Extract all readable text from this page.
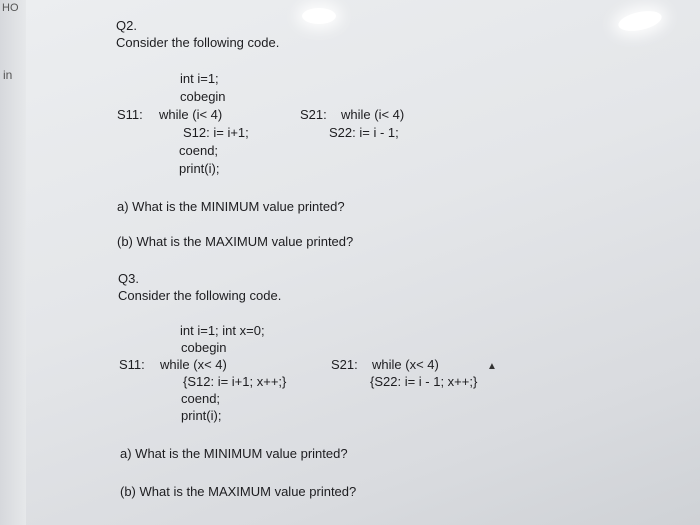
HO
in
Q2.
Consider the following code.
int i=1;
cobegin
S11: while (i< 4)
S12: i= i+1;
S21: while (i< 4)
S22: i= i - 1;
coend;
print(i);
a) What is the MINIMUM value printed?
(b) What is the MAXIMUM value printed?
Q3.
Consider the following code.
int i=1; int x=0;
cobegin
S11: while (x< 4)
{S12: i= i+1; x++;}
S21: while (x< 4)
{S22: i= i - 1; x++;}
coend;
print(i);
a) What is the MINIMUM value printed?
(b) What is the MAXIMUM value printed?
▲
